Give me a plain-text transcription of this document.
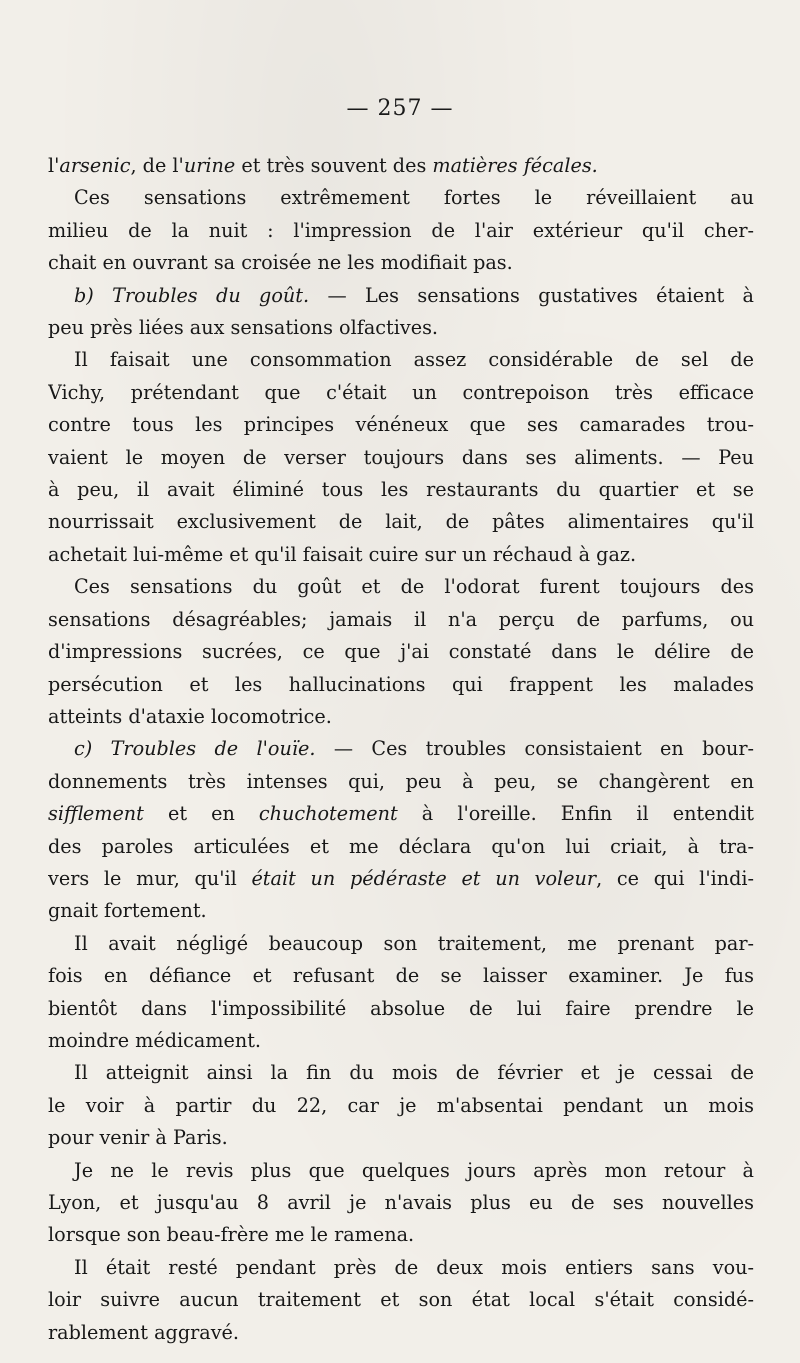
— 257 —
l'arsenic, de l'urine et très souvent des matières fécales.
Ces sensations extrêmement fortes le réveillaient au
milieu de la nuit : l'impression de l'air extérieur qu'il cher-
chait en ouvrant sa croisée ne les modifiait pas.
b) Troubles du goût. — Les sensations gustatives étaient à
peu près liées aux sensations olfactives.
Il faisait une consommation assez considérable de sel de
Vichy, prétendant que c'était un contrepoison très efficace
contre tous les principes vénéneux que ses camarades trou-
vaient le moyen de verser toujours dans ses aliments. — Peu
à peu, il avait éliminé tous les restaurants du quartier et se
nourrissait exclusivement de lait, de pâtes alimentaires qu'il
achetait lui-même et qu'il faisait cuire sur un réchaud à gaz.
Ces sensations du goût et de l'odorat furent toujours des
sensations désagréables; jamais il n'a perçu de parfums, ou
d'impressions sucrées, ce que j'ai constaté dans le délire de
persécution et les hallucinations qui frappent les malades
atteints d'ataxie locomotrice.
c) Troubles de l'ouïe. — Ces troubles consistaient en bour-
donnements très intenses qui, peu à peu, se changèrent en
sifflement et en chuchotement à l'oreille. Enfin il entendit
des paroles articulées et me déclara qu'on lui criait, à tra-
vers le mur, qu'il était un pédéraste et un voleur, ce qui l'indi-
gnait fortement.
Il avait négligé beaucoup son traitement, me prenant par-
fois en défiance et refusant de se laisser examiner. Je fus
bientôt dans l'impossibilité absolue de lui faire prendre le
moindre médicament.
Il atteignit ainsi la fin du mois de février et je cessai de
le voir à partir du 22, car je m'absentai pendant un mois
pour venir à Paris.
Je ne le revis plus que quelques jours après mon retour à
Lyon, et jusqu'au 8 avril je n'avais plus eu de ses nouvelles
lorsque son beau-frère me le ramena.
Il était resté pendant près de deux mois entiers sans vou-
loir suivre aucun traitement et son état local s'était considé-
rablement aggravé.
